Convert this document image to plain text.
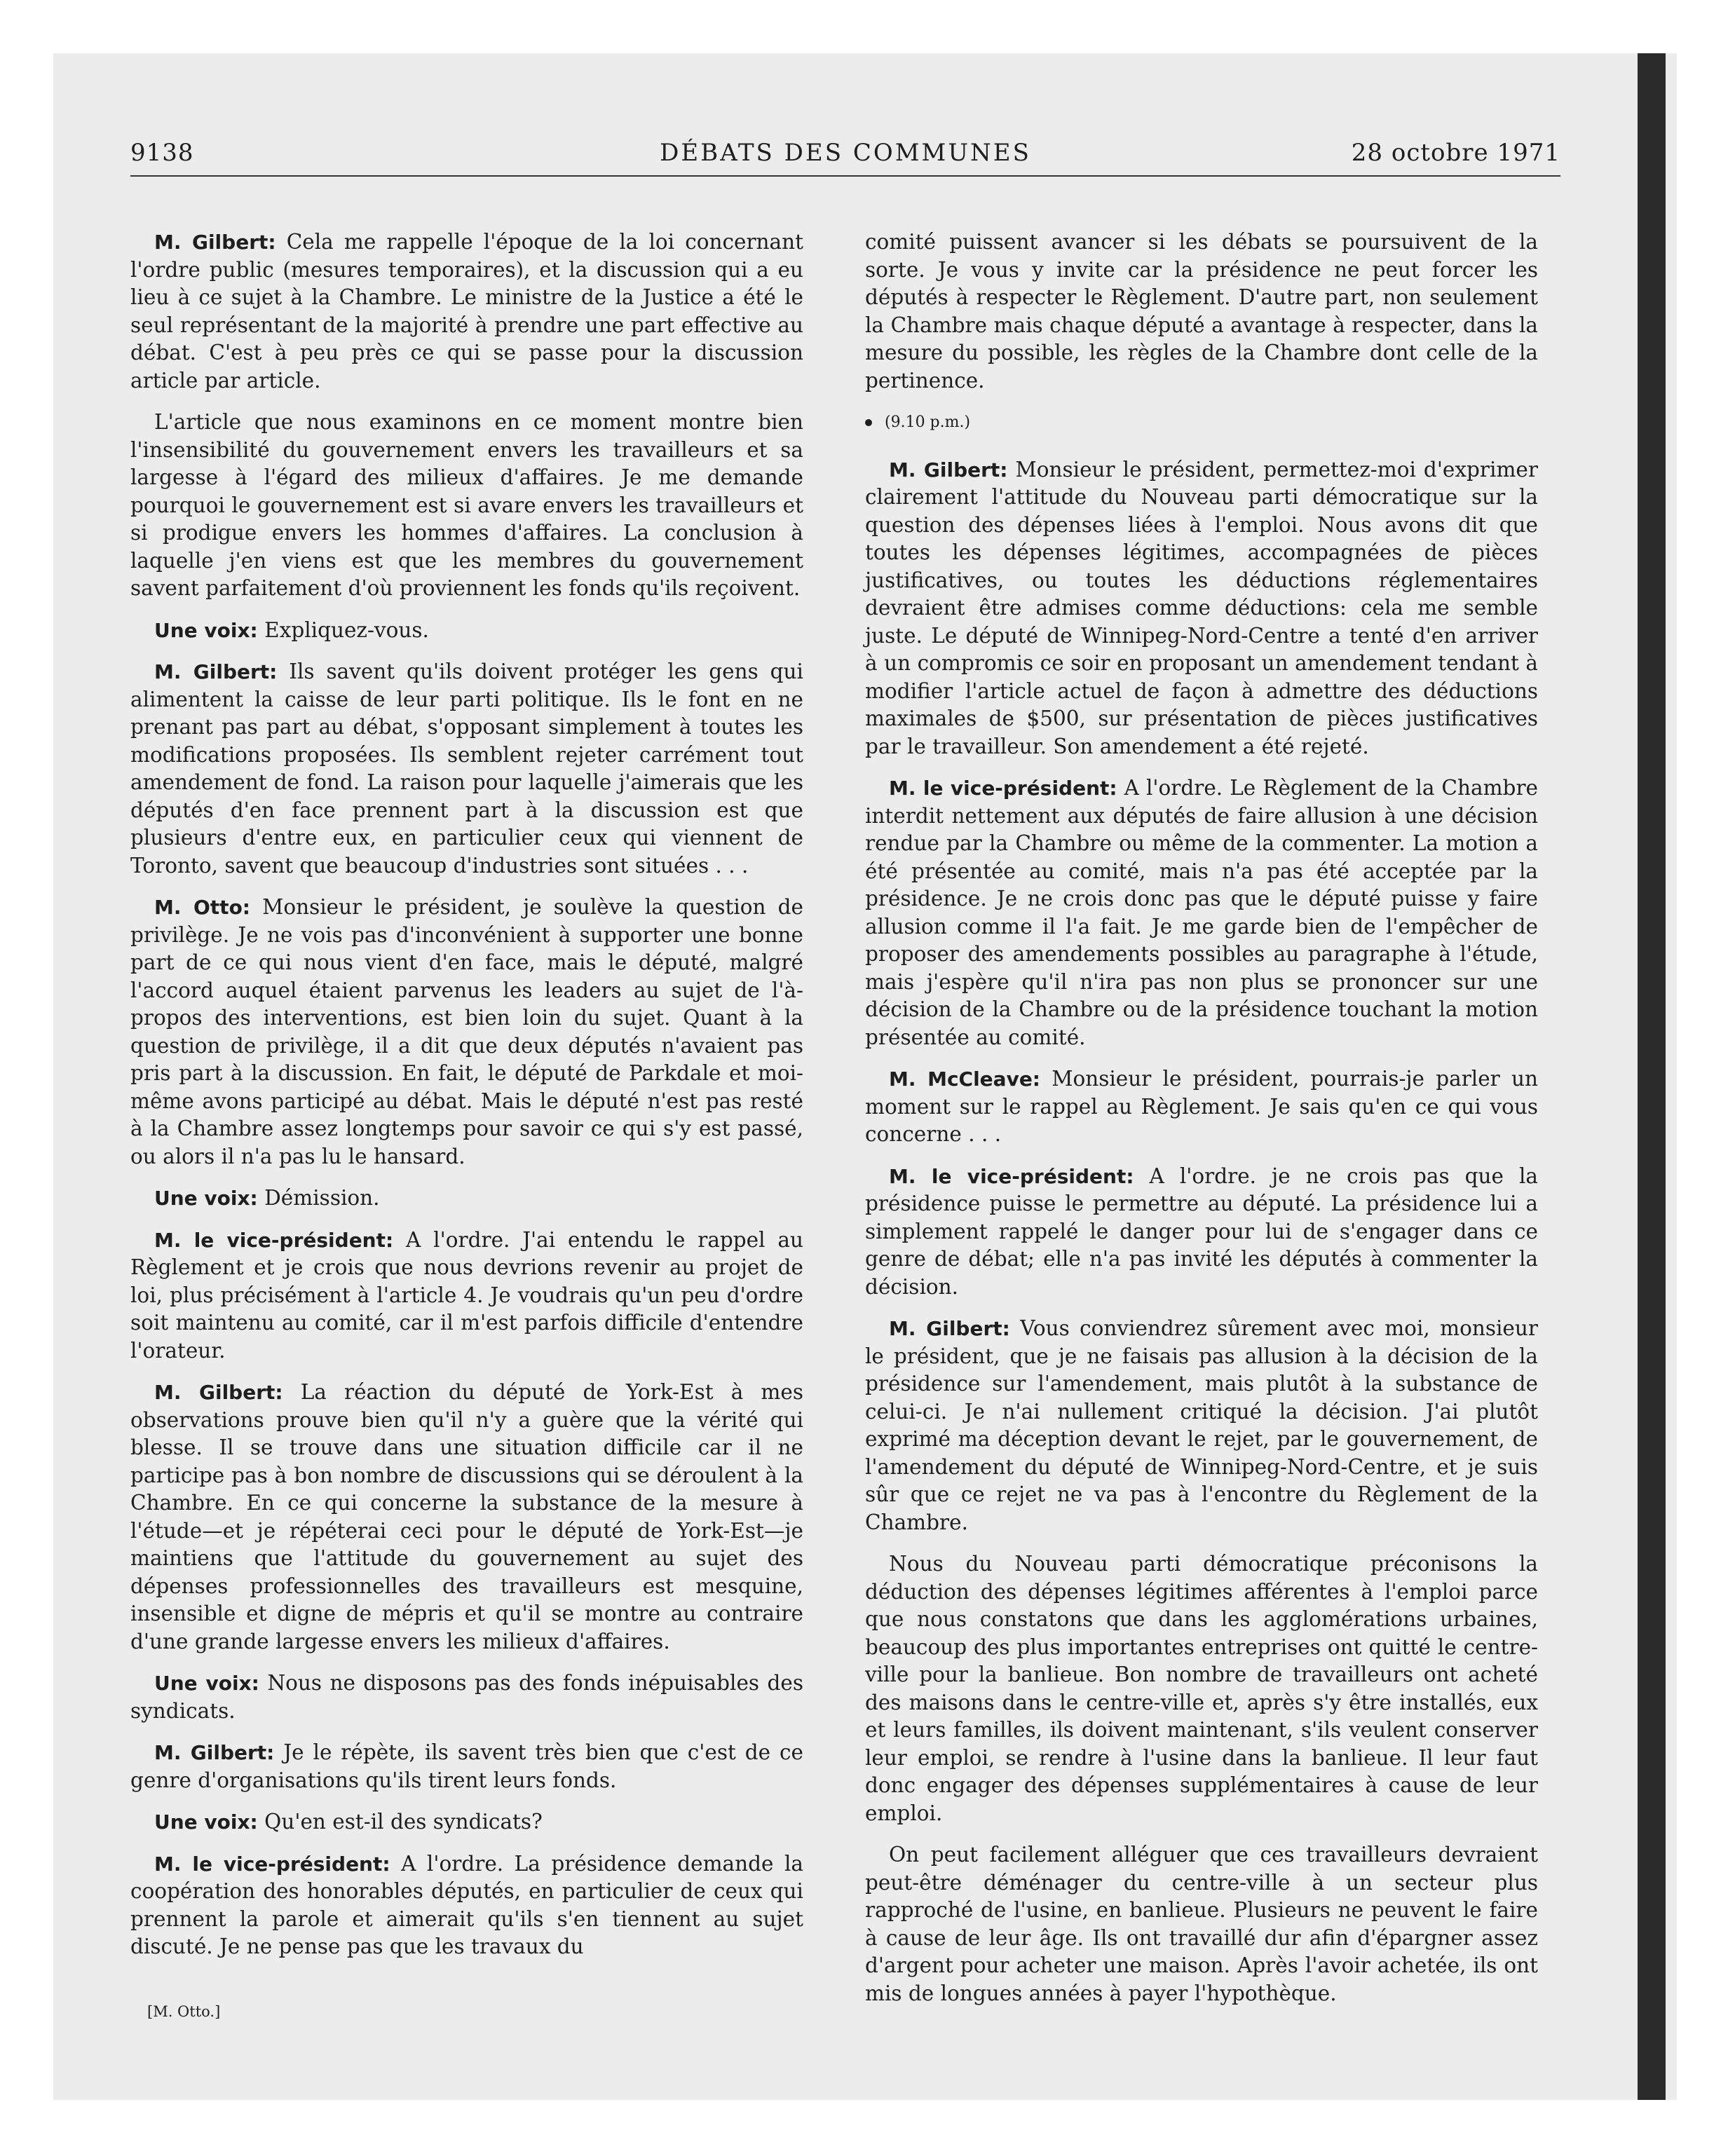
DÉBATS DES COMMUNES
9138	28 octobre 1971

M. Gilbert: Cela me rappelle l'époque de la loi concernant l'ordre public (mesures temporaires), et la discussion qui a eu lieu à ce sujet à la Chambre. Le ministre de la Justice a été le seul représentant de la majorité à prendre une part effective au débat. C'est à peu près ce qui se passe pour la discussion article par article.

L'article que nous examinons en ce moment montre bien l'insensibilité du gouvernement envers les travailleurs et sa largesse à l'égard des milieux d'affaires. Je me demande pourquoi le gouvernement est si avare envers les travailleurs et si prodigue envers les hommes d'affaires. La conclusion à laquelle j'en viens est que les membres du gouvernement savent parfaitement d'où proviennent les fonds qu'ils reçoivent.

Une voix: Expliquez-vous.

M. Gilbert: Ils savent qu'ils doivent protéger les gens qui alimentent la caisse de leur parti politique. Ils le font en ne prenant pas part au débat, s'opposant simplement à toutes les modifications proposées. Ils semblent rejeter carrément tout amendement de fond. La raison pour laquelle j'aimerais que les députés d'en face prennent part à la discussion est que plusieurs d'entre eux, en particulier ceux qui viennent de Toronto, savent que beaucoup d'industries sont situées . . .

M. Otto: Monsieur le président, je soulève la question de privilège. Je ne vois pas d'inconvénient à supporter une bonne part de ce qui nous vient d'en face, mais le député, malgré l'accord auquel étaient parvenus les leaders au sujet de l'à-propos des interventions, est bien loin du sujet. Quant à la question de privilège, il a dit que deux députés n'avaient pas pris part à la discussion. En fait, le député de Parkdale et moi-même avons participé au débat. Mais le député n'est pas resté à la Chambre assez longtemps pour savoir ce qui s'y est passé, ou alors il n'a pas lu le hansard.

Une voix: Démission.

M. le vice-président: A l'ordre. J'ai entendu le rappel au Règlement et je crois que nous devrions revenir au projet de loi, plus précisément à l'article 4. Je voudrais qu'un peu d'ordre soit maintenu au comité, car il m'est parfois difficile d'entendre l'orateur.

M. Gilbert: La réaction du député de York-Est à mes observations prouve bien qu'il n'y a guère que la vérité qui blesse. Il se trouve dans une situation difficile car il ne participe pas à bon nombre de discussions qui se déroulent à la Chambre. En ce qui concerne la substance de la mesure à l'étude—et je répéterai ceci pour le député de York-Est—je maintiens que l'attitude du gouvernement au sujet des dépenses professionnelles des travailleurs est mesquine, insensible et digne de mépris et qu'il se montre au contraire d'une grande largesse envers les milieux d'affaires.

Une voix: Nous ne disposons pas des fonds inépuisables des syndicats.

M. Gilbert: Je le répète, ils savent très bien que c'est de ce genre d'organisations qu'ils tirent leurs fonds.

Une voix: Qu'en est-il des syndicats?

M. le vice-président: A l'ordre. La présidence demande la coopération des honorables députés, en particulier de ceux qui prennent la parole et aimerait qu'ils s'en tiennent au sujet discuté. Je ne pense pas que les travaux du

[M. Otto.]

comité puissent avancer si les débats se poursuivent de la sorte. Je vous y invite car la présidence ne peut forcer les députés à respecter le Règlement. D'autre part, non seulement la Chambre mais chaque député a avantage à respecter, dans la mesure du possible, les règles de la Chambre dont celle de la pertinence.

(9.10 p.m.)

M. Gilbert: Monsieur le président, permettez-moi d'exprimer clairement l'attitude du Nouveau parti démocratique sur la question des dépenses liées à l'emploi. Nous avons dit que toutes les dépenses légitimes, accompagnées de pièces justificatives, ou toutes les déductions réglementaires devraient être admises comme déductions: cela me semble juste. Le député de Winnipeg-Nord-Centre a tenté d'en arriver à un compromis ce soir en proposant un amendement tendant à modifier l'article actuel de façon à admettre des déductions maximales de $500, sur présentation de pièces justificatives par le travailleur. Son amendement a été rejeté.

M. le vice-président: A l'ordre. Le Règlement de la Chambre interdit nettement aux députés de faire allusion à une décision rendue par la Chambre ou même de la commenter. La motion a été présentée au comité, mais n'a pas été acceptée par la présidence. Je ne crois donc pas que le député puisse y faire allusion comme il l'a fait. Je me garde bien de l'empêcher de proposer des amendements possibles au paragraphe à l'étude, mais j'espère qu'il n'ira pas non plus se prononcer sur une décision de la Chambre ou de la présidence touchant la motion présentée au comité.

M. McCleave: Monsieur le président, pourrais-je parler un moment sur le rappel au Règlement. Je sais qu'en ce qui vous concerne . . .

M. le vice-président: A l'ordre. je ne crois pas que la présidence puisse le permettre au député. La présidence lui a simplement rappelé le danger pour lui de s'engager dans ce genre de débat; elle n'a pas invité les députés à commenter la décision.

M. Gilbert: Vous conviendrez sûrement avec moi, monsieur le président, que je ne faisais pas allusion à la décision de la présidence sur l'amendement, mais plutôt à la substance de celui-ci. Je n'ai nullement critiqué la décision. J'ai plutôt exprimé ma déception devant le rejet, par le gouvernement, de l'amendement du député de Winnipeg-Nord-Centre, et je suis sûr que ce rejet ne va pas à l'encontre du Règlement de la Chambre.

Nous du Nouveau parti démocratique préconisons la déduction des dépenses légitimes afférentes à l'emploi parce que nous constatons que dans les agglomérations urbaines, beaucoup des plus importantes entreprises ont quitté le centre-ville pour la banlieue. Bon nombre de travailleurs ont acheté des maisons dans le centre-ville et, après s'y être installés, eux et leurs familles, ils doivent maintenant, s'ils veulent conserver leur emploi, se rendre à l'usine dans la banlieue. Il leur faut donc engager des dépenses supplémentaires à cause de leur emploi.

On peut facilement alléguer que ces travailleurs devraient peut-être déménager du centre-ville à un secteur plus rapproché de l'usine, en banlieue. Plusieurs ne peuvent le faire à cause de leur âge. Ils ont travaillé dur afin d'épargner assez d'argent pour acheter une maison. Après l'avoir achetée, ils ont mis de longues années à payer l'hypothèque.
